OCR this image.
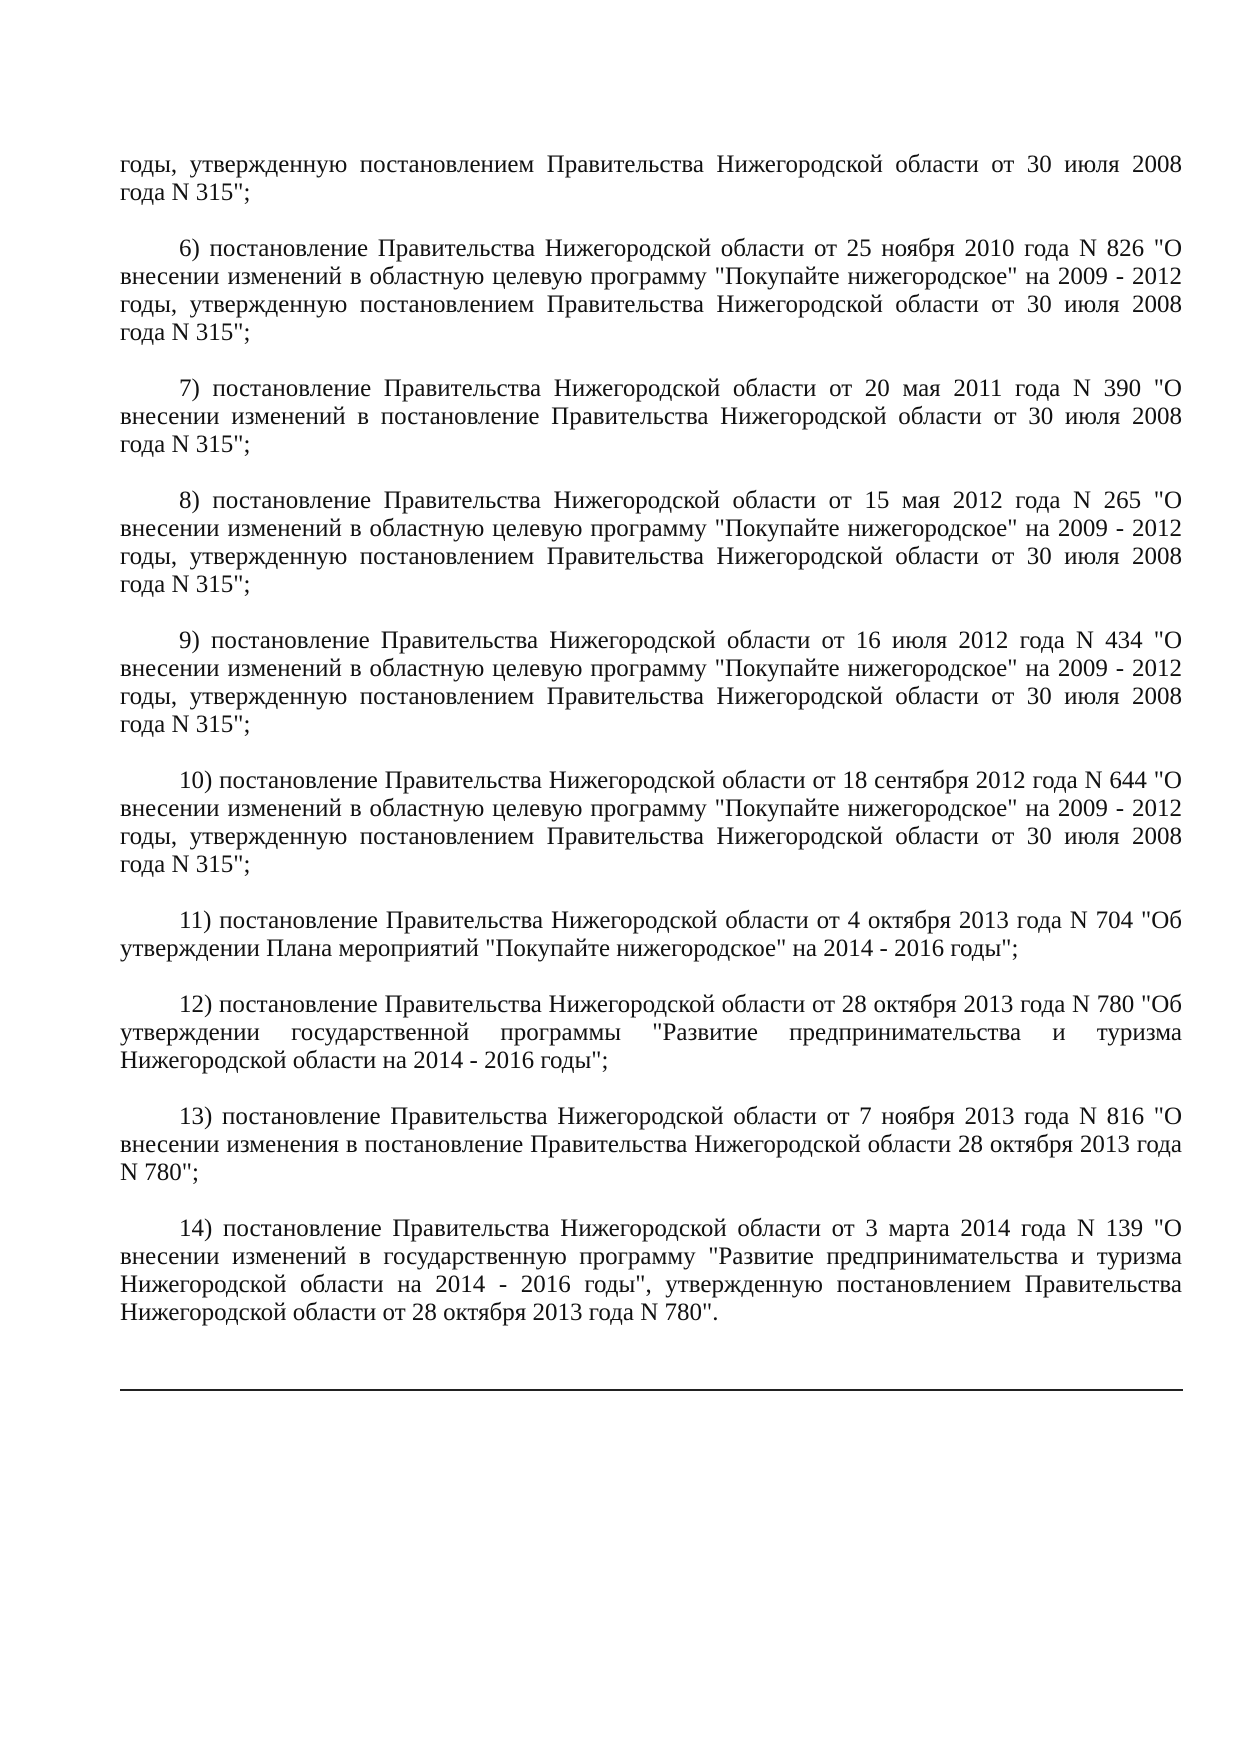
годы, утвержденную постановлением Правительства Нижегородской области от 30 июля 2008
года N 315";
6) постановление Правительства Нижегородской области от 25 ноября 2010 года N 826 "О
внесении изменений в областную целевую программу "Покупайте нижегородское" на 2009 - 2012
годы, утвержденную постановлением Правительства Нижегородской области от 30 июля 2008
года N 315";
7) постановление Правительства Нижегородской области от 20 мая 2011 года N 390 "О
внесении изменений в постановление Правительства Нижегородской области от 30 июля 2008
года N 315";
8) постановление Правительства Нижегородской области от 15 мая 2012 года N 265 "О
внесении изменений в областную целевую программу "Покупайте нижегородское" на 2009 - 2012
годы, утвержденную постановлением Правительства Нижегородской области от 30 июля 2008
года N 315";
9) постановление Правительства Нижегородской области от 16 июля 2012 года N 434 "О
внесении изменений в областную целевую программу "Покупайте нижегородское" на 2009 - 2012
годы, утвержденную постановлением Правительства Нижегородской области от 30 июля 2008
года N 315";
10) постановление Правительства Нижегородской области от 18 сентября 2012 года N 644 "О
внесении изменений в областную целевую программу "Покупайте нижегородское" на 2009 - 2012
годы, утвержденную постановлением Правительства Нижегородской области от 30 июля 2008
года N 315";
11) постановление Правительства Нижегородской области от 4 октября 2013 года N 704 "Об
утверждении Плана мероприятий "Покупайте нижегородское" на 2014 - 2016 годы";
12) постановление Правительства Нижегородской области от 28 октября 2013 года N 780 "Об
утверждении государственной программы "Развитие предпринимательства и туризма
Нижегородской области на 2014 - 2016 годы";
13) постановление Правительства Нижегородской области от 7 ноября 2013 года N 816 "О
внесении изменения в постановление Правительства Нижегородской области 28 октября 2013 года
N 780";
14) постановление Правительства Нижегородской области от 3 марта 2014 года N 139 "О
внесении изменений в государственную программу "Развитие предпринимательства и туризма
Нижегородской области на 2014 - 2016 годы", утвержденную постановлением Правительства
Нижегородской области от 28 октября 2013 года N 780".
